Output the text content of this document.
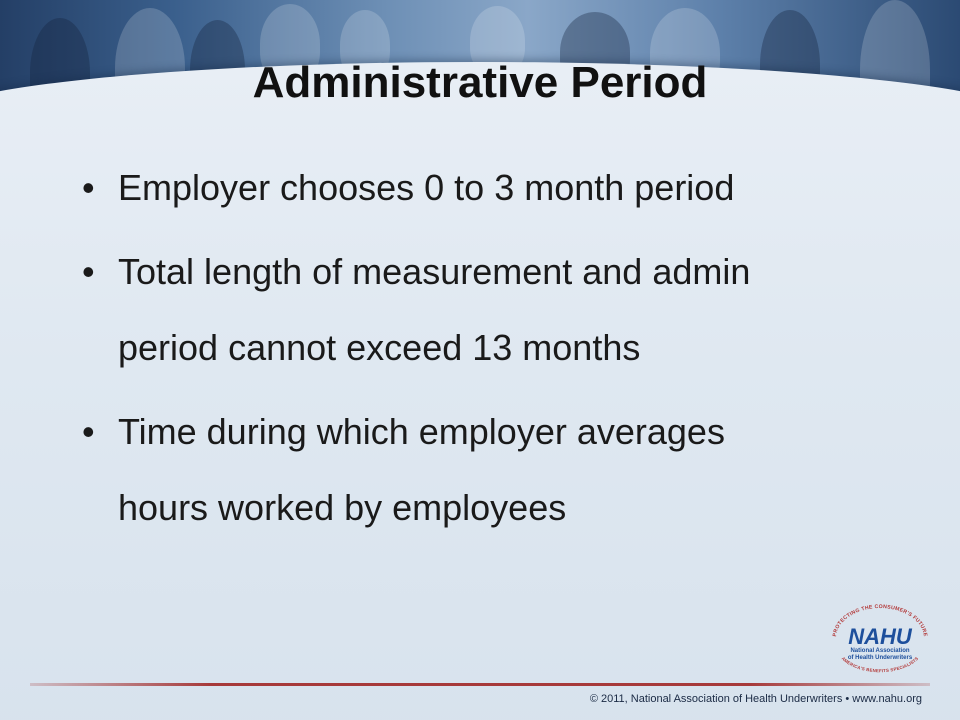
Administrative Period
• Employer chooses 0 to 3 month period
• Total length of measurement and admin
period cannot exceed 13 months
• Time during which employer averages
hours worked by employees
PROTECTING THE CONSUMER'S FUTURE
NAHU
National Association
of Health Underwriters
AMERICA'S BENEFITS SPECIALISTS
© 2011, National Association of Health Underwriters • www.nahu.org
